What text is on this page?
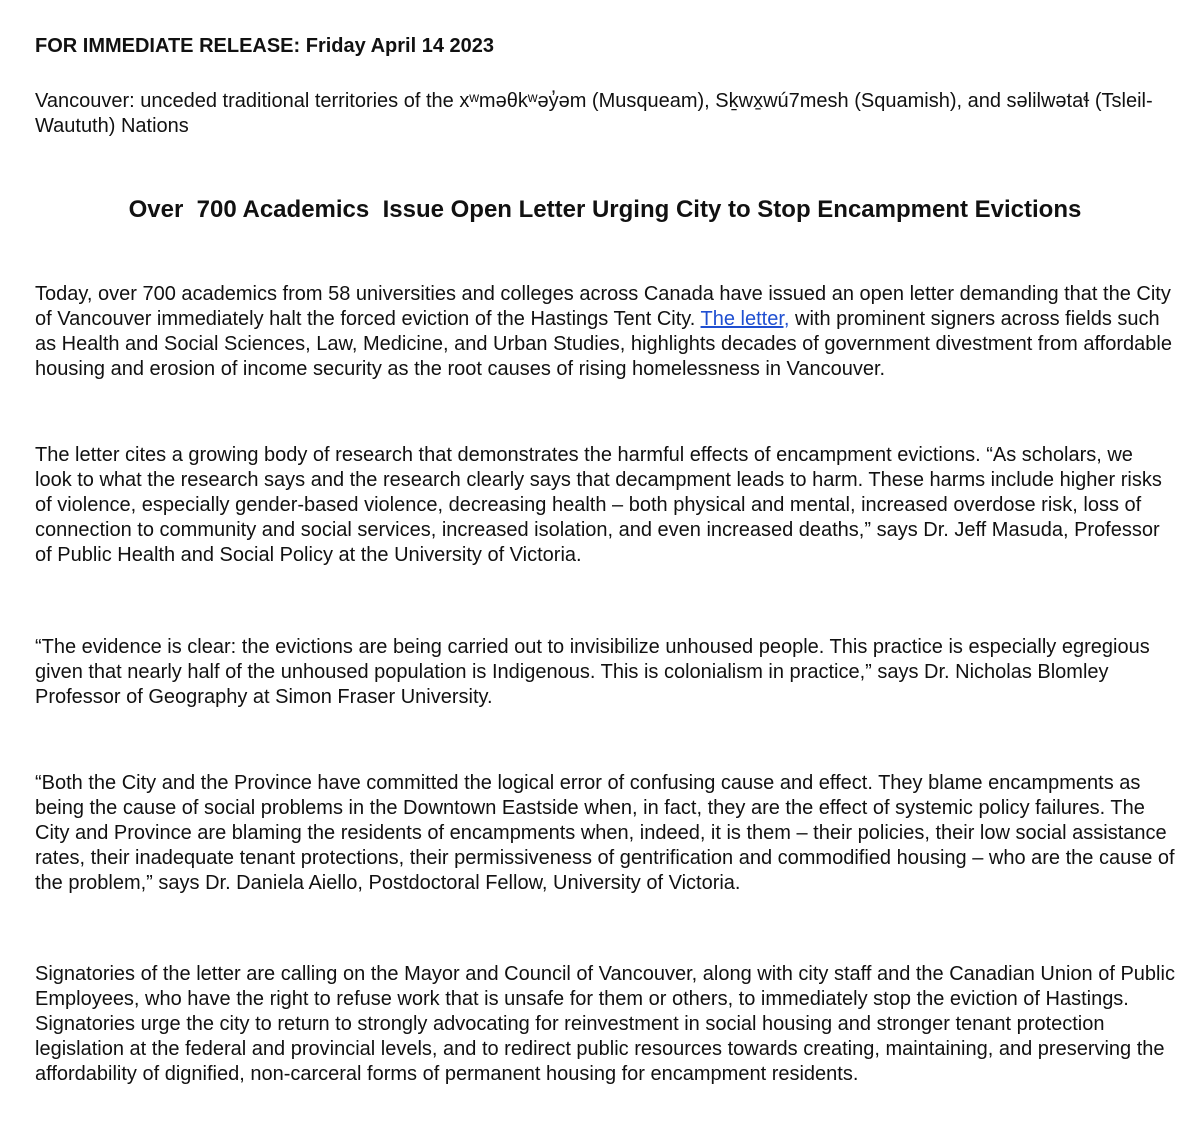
FOR IMMEDIATE RELEASE: Friday April 14 2023
Vancouver: unceded traditional territories of the xʷməθkʷəy̓əm (Musqueam), Sḵwx̱wú7mesh (Squamish), and səlilwətaɬ (Tsleil-Waututh) Nations
Over  700 Academics  Issue Open Letter Urging City to Stop Encampment Evictions

Today, over 700 academics from 58 universities and colleges across Canada have issued an open letter demanding that the City of Vancouver immediately halt the forced eviction of the Hastings Tent City. The letter, with prominent signers across fields such as Health and Social Sciences, Law, Medicine, and Urban Studies, highlights decades of government divestment from affordable housing and erosion of income security as the root causes of rising homelessness in Vancouver.

The letter cites a growing body of research that demonstrates the harmful effects of encampment evictions. “As scholars, we look to what the research says and the research clearly says that decampment leads to harm. These harms include higher risks of violence, especially gender-based violence, decreasing health – both physical and mental, increased overdose risk, loss of connection to community and social services, increased isolation, and even increased deaths,” says Dr. Jeff Masuda, Professor of Public Health and Social Policy at the University of Victoria.

“The evidence is clear: the evictions are being carried out to invisibilize unhoused people. This practice is especially egregious given that nearly half of the unhoused population is Indigenous. This is colonialism in practice,” says Dr. Nicholas Blomley Professor of Geography at Simon Fraser University.

“Both the City and the Province have committed the logical error of confusing cause and effect. They blame encampments as being the cause of social problems in the Downtown Eastside when, in fact, they are the effect of systemic policy failures. The City and Province are blaming the residents of encampments when, indeed, it is them – their policies, their low social assistance rates, their inadequate tenant protections, their permissiveness of gentrification and commodified housing – who are the cause of the problem,” says Dr. Daniela Aiello, Postdoctoral Fellow, University of Victoria.

Signatories of the letter are calling on the Mayor and Council of Vancouver, along with city staff and the Canadian Union of Public Employees, who have the right to refuse work that is unsafe for them or others, to immediately stop the eviction of Hastings. Signatories urge the city to return to strongly advocating for reinvestment in social housing and stronger tenant protection legislation at the federal and provincial levels, and to redirect public resources towards creating, maintaining, and preserving the affordability of dignified, non-carceral forms of permanent housing for encampment residents.
